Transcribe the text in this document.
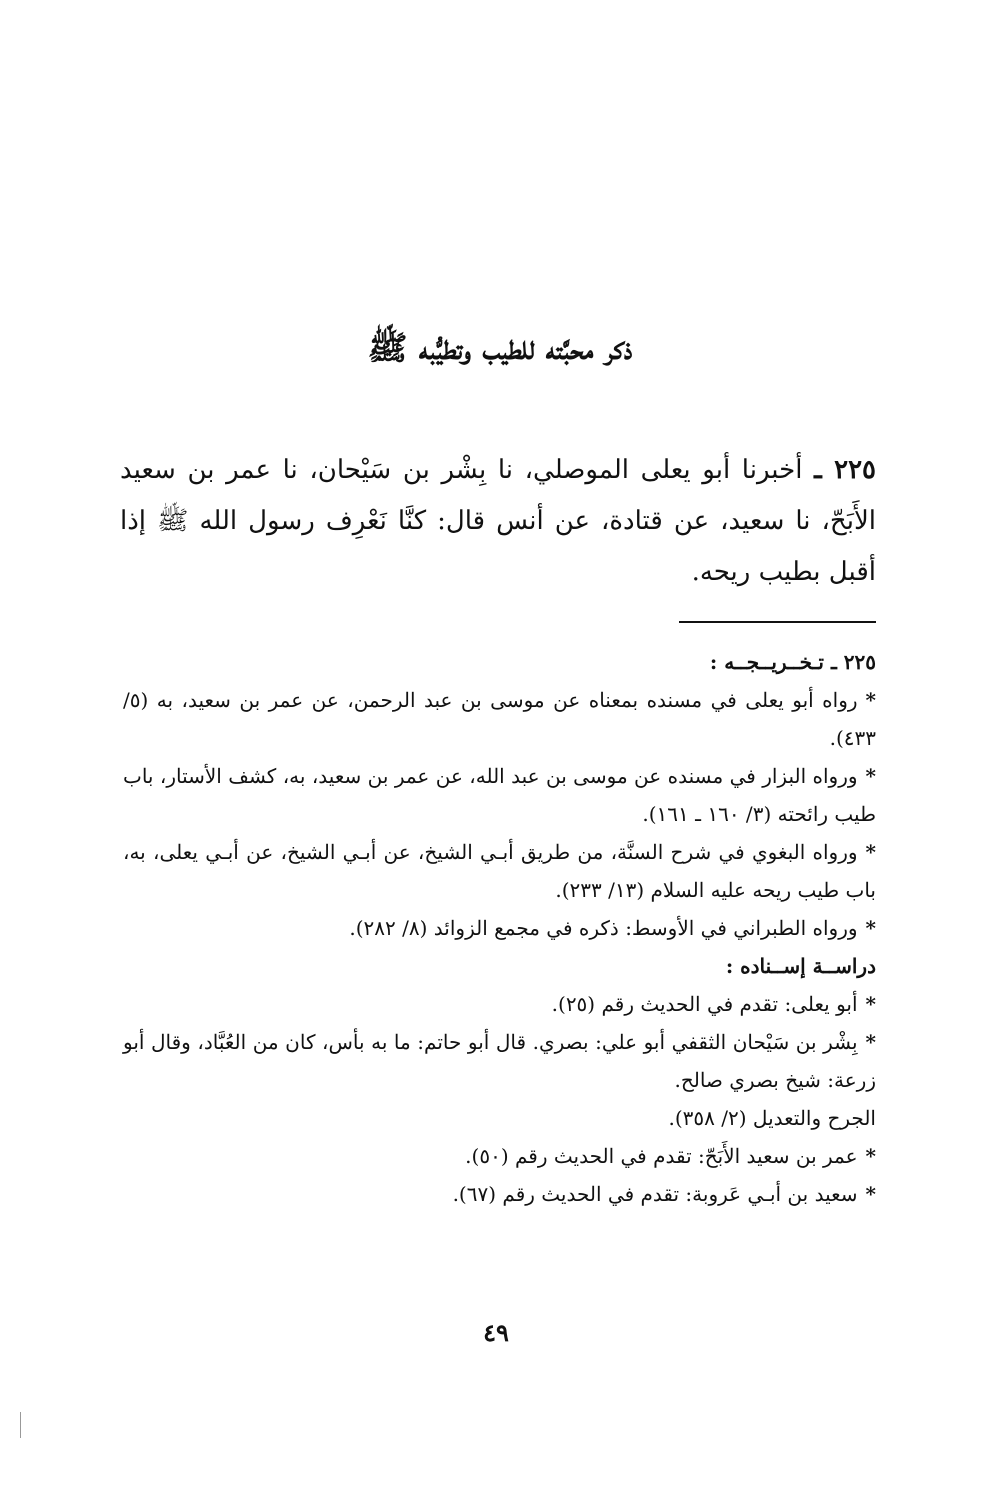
ذكر محبَّته للطيب وتطيُّبه ﷺ
٢٢٥ ـ أخبرنا أبو يعلى الموصلي، نا بِشْر بن سَيْحان، نا عمر بن سعيد الأَبَحّ، نا سعيد، عن قتادة، عن أنس قال: كنَّا نَعْرِف رسول الله ﷺ إذا أقبل بطيب ريحه.

٢٢٥ ـ تـخــريــجــه :

*رواه أبو يعلى في مسنده بمعناه عن موسى بن عبد الرحمن، عن عمر بن سعيد، به (٥/ ٤٣٣).

*ورواه البزار في مسنده عن موسى بن عبد الله، عن عمر بن سعيد، به، كشف الأستار، باب طيب رائحته (٣/ ١٦٠ ـ ١٦١).

*ورواه البغوي في شرح السنَّة، من طريق أبـي الشيخ، عن أبـي الشيخ، عن أبـي يعلى، به، باب طيب ريحه عليه السلام (١٣/ ٢٣٣).

*ورواه الطبراني في الأوسط: ذكره في مجمع الزوائد (٨/ ٢٨٢).

دراســة إســناده :

*أبو يعلى: تقدم في الحديث رقم (٢٥).

*بِشْر بن سَيْحان الثقفي أبو علي: بصري. قال أبو حاتم: ما به بأس، كان من العُبَّاد، وقال أبو زرعة: شيخ بصري صالح.

الجرح والتعديل (٢/ ٣٥٨).

*عمر بن سعيد الأَبَحّ: تقدم في الحديث رقم (٥٠).

*سعيد بن أبـي عَروبة: تقدم في الحديث رقم (٦٧).

٤٩
